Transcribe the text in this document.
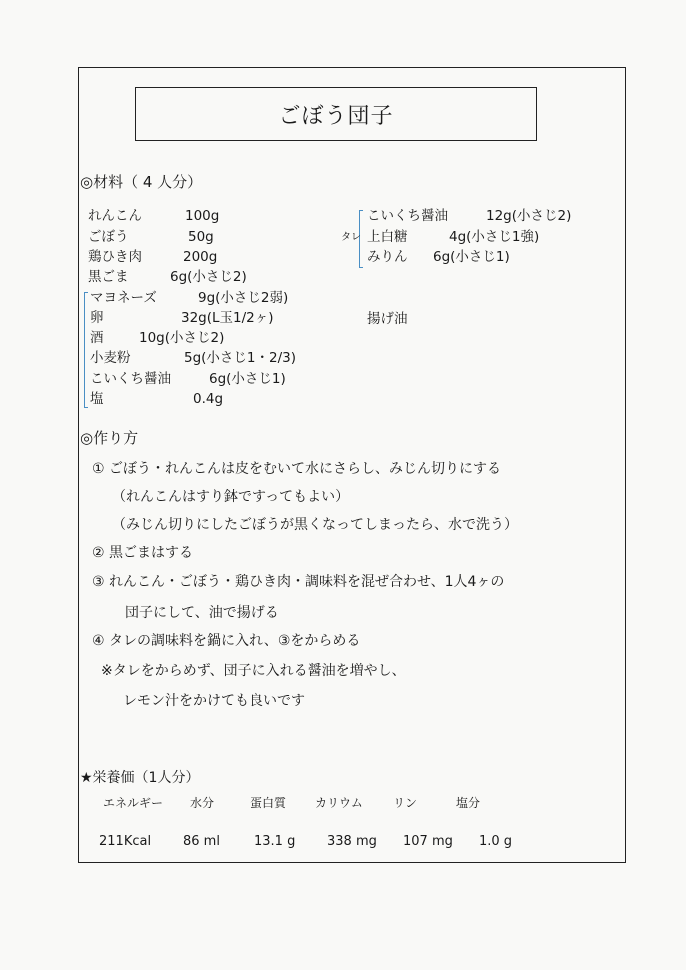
ごぼう団子
◎材料（ 4 人分）
れんこん	100g
ごぼう	50g
鶏ひき肉	200g
黒ごま	6g(小さじ2)
マヨネーズ	9g(小さじ2弱)
卵	32g(L玉1/2ヶ)
酒	10g(小さじ2)
小麦粉	5g(小さじ1・2/3)
こいくち醤油	6g(小さじ1)
塩	0.4g
タレ
こいくち醤油	12g(小さじ2)
上白糖	4g(小さじ1強)
みりん 6g(小さじ1)
揚げ油
◎作り方
① ごぼう・れんこんは皮をむいて水にさらし、みじん切りにする
（れんこんはすり鉢ですってもよい）
（みじん切りにしたごぼうが黒くなってしまったら、水で洗う）
② 黒ごまはする
③ れんこん・ごぼう・鶏ひき肉・調味料を混ぜ合わせ、1人4ヶの
団子にして、油で揚げる
④ タレの調味料を鍋に入れ、③をからめる
※タレをからめず、団子に入れる醤油を増やし、
レモン汁をかけても良いです
★栄養価（1人分）
エネルギー 水分	蛋白質 カリウム	リン	塩分
211Kcal 86 ml	13.1 g 338 mg 107 mg 1.0 g
